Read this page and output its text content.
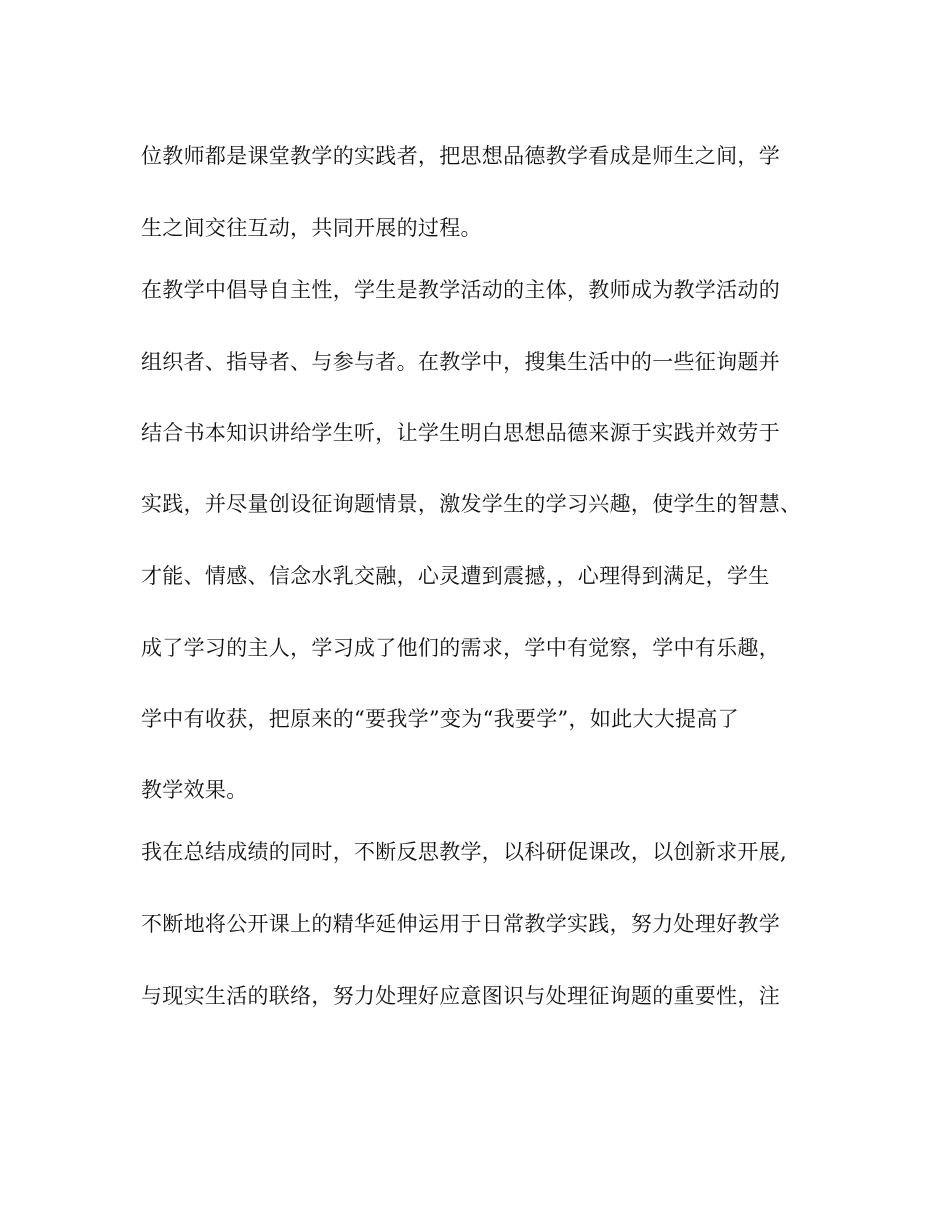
位教师都是课堂教学的实践者，把思想品德教学看成是师生之间，学
生之间交往互动，共同开展的过程。
在教学中倡导自主性，学生是教学活动的主体，教师成为教学活动的
组织者、指导者、与参与者。在教学中，搜集生活中的一些征询题并
结合书本知识讲给学生听，让学生明白思想品德来源于实践并效劳于
实践，并尽量创设征询题情景，激发学生的学习兴趣，使学生的智慧、
才能、情感、信念水乳交融，心灵遭到震撼，，心理得到满足，学生
成了学习的主人，学习成了他们的需求，学中有觉察，学中有乐趣，
学中有收获，把原来的“要我学”变为“我要学”，如此大大提高了
教学效果。
我在总结成绩的同时，不断反思教学，以科研促课改，以创新求开展,
不断地将公开课上的精华延伸运用于日常教学实践，努力处理好教学
与现实生活的联络，努力处理好应意图识与处理征询题的重要性，注
